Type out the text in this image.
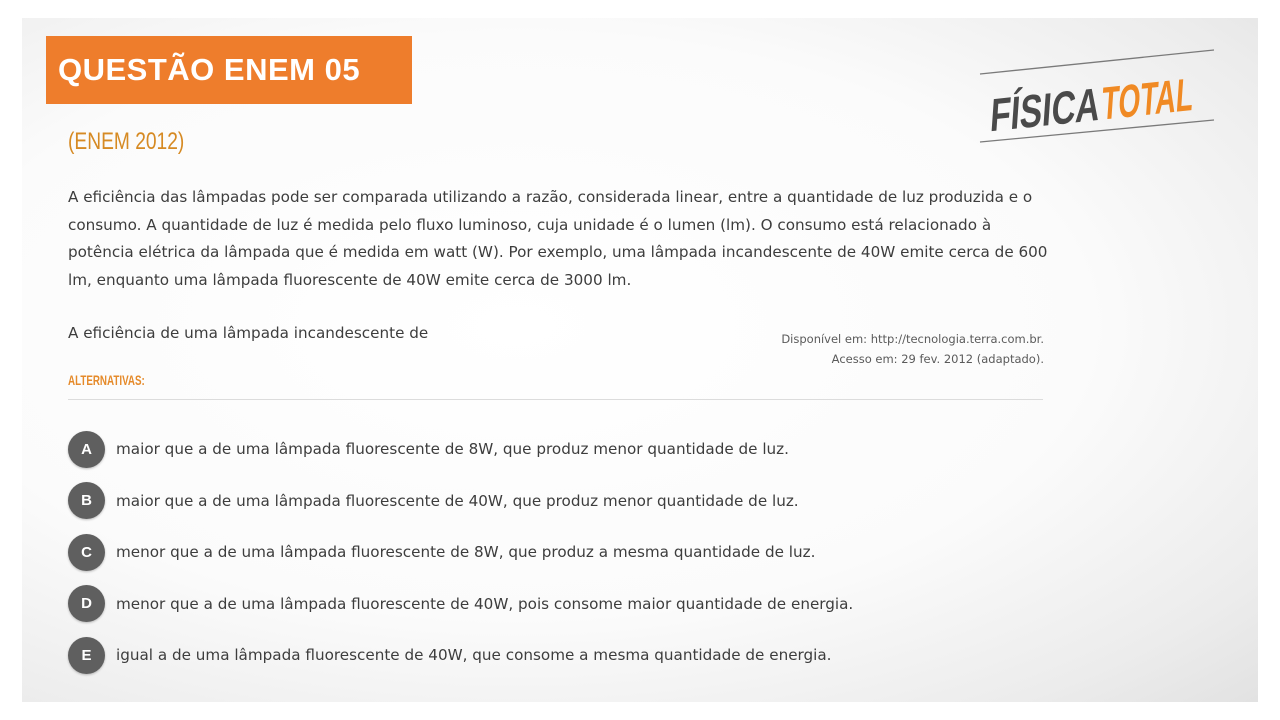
QUESTÃO ENEM 05
FÍSICA
TOTAL
(ENEM 2012)

A eficiência das lâmpadas pode ser comparada utilizando a razão, considerada linear, entre a quantidade de luz produzida e o consumo. A quantidade de luz é medida pelo fluxo luminoso, cuja unidade é o lumen (lm). O consumo está relacionado à potência elétrica da lâmpada que é medida em watt (W). Por exemplo, uma lâmpada incandescente de 40W emite cerca de 600 lm, enquanto uma lâmpada fluorescente de 40W emite cerca de 3000 lm.

A eficiência de uma lâmpada incandescente de	Disponível em: http://tecnologia.terra.com.br.
Acesso em: 29 fev. 2012 (adaptado).
ALTERNATIVAS:
A	maior que a de uma lâmpada fluorescente de 8W, que produz menor quantidade de luz.
B	maior que a de uma lâmpada fluorescente de 40W, que produz menor quantidade de luz.
C	menor que a de uma lâmpada fluorescente de 8W, que produz a mesma quantidade de luz.
D	menor que a de uma lâmpada fluorescente de 40W, pois consome maior quantidade de energia.
E	igual a de uma lâmpada fluorescente de 40W, que consome a mesma quantidade de energia.
